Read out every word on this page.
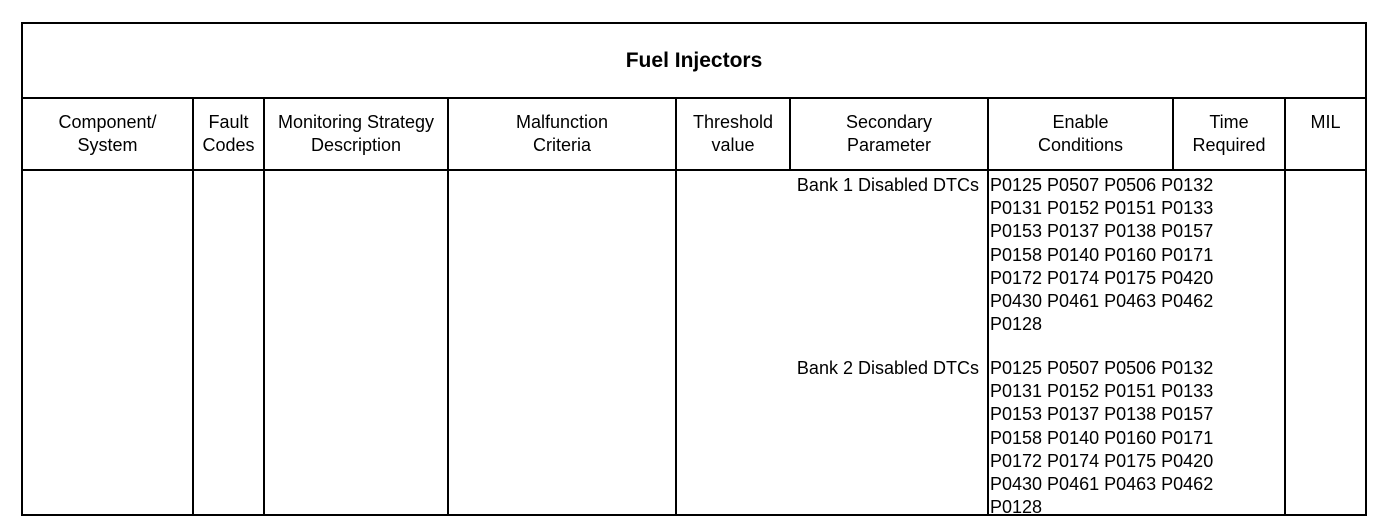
Fuel Injectors
Component/
System
Fault
Codes
Monitoring Strategy
Description
Malfunction
Criteria
Threshold
value
Secondary
Parameter
Enable
Conditions
Time
Required
MIL
Bank 1 Disabled DTCs P0125 P0507 P0506 P0132
P0131 P0152 P0151 P0133
P0153 P0137 P0138 P0157
P0158 P0140 P0160 P0171
P0172 P0174 P0175 P0420
P0430 P0461 P0463 P0462
P0128
Bank 2 Disabled DTCs P0125 P0507 P0506 P0132
P0131 P0152 P0151 P0133
P0153 P0137 P0138 P0157
P0158 P0140 P0160 P0171
P0172 P0174 P0175 P0420
P0430 P0461 P0463 P0462
P0128
